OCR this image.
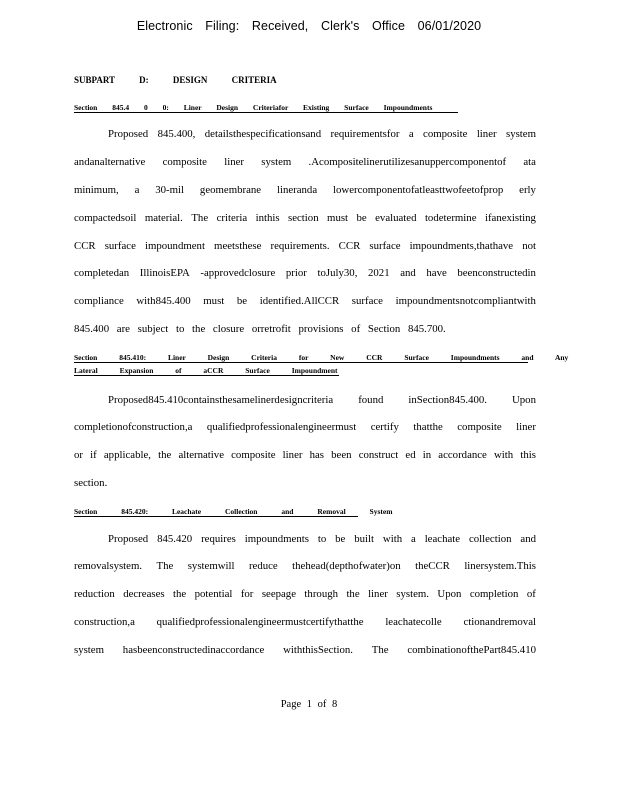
Electronic Filing: Received, Clerk's Office 06/01/2020
SUBPART D: DESIGN CRITERIA
Section 845.4 0 0: Liner Design Criteriafor Existing Surface Impoundments
Proposed 845.400, detailsthespecificationsand requirementsfor a composite liner system
andanalternative composite liner system .Acompositelinerutilizesanuppercomponentof ata
minimum, a 30-mil geomembrane lineranda lowercomponentofatleasttwofeetofprop erly
compactedsoil material. The criteria inthis section must be evaluated todetermine ifanexisting
CCR surface impoundment meetsthese requirements. CCR surface impoundments,thathave not
completedan IllinoisEPA -approvedclosure prior toJuly30, 2021 and have beenconstructedin
compliance with845.400 must be identified.AllCCR surface impoundmentsnotcompliantwith
845.400 are subject to the closure orretrofit provisions of Section 845.700.
Section 845.410: Liner Design Criteria for New CCR Surface Impoundments and Any
Lateral Expansion of aCCR Surface Impoundment
Proposed845.410containsthesamelinerdesigncriteria found inSection845.400. Upon
completionofconstruction,a qualifiedprofessionalengineermust certify thatthe composite liner
or if applicable, the alternative composite liner has been construct ed in accordance with this
section.
Section 845.420: Leachate Collection and Removal System
Proposed 845.420 requires impoundments to be built with a leachate collection and
removalsystem. The systemwill reduce thehead(depthofwater)on theCCR linersystem.This
reduction decreases the potential for seepage through the liner system. Upon completion of
construction,a qualifiedprofessionalengineermustcertifythatthe leachatecolle ctionandremoval
system hasbeenconstructedinaccordance withthisSection. The combinationofthePart845.410
Page 1 of 8
